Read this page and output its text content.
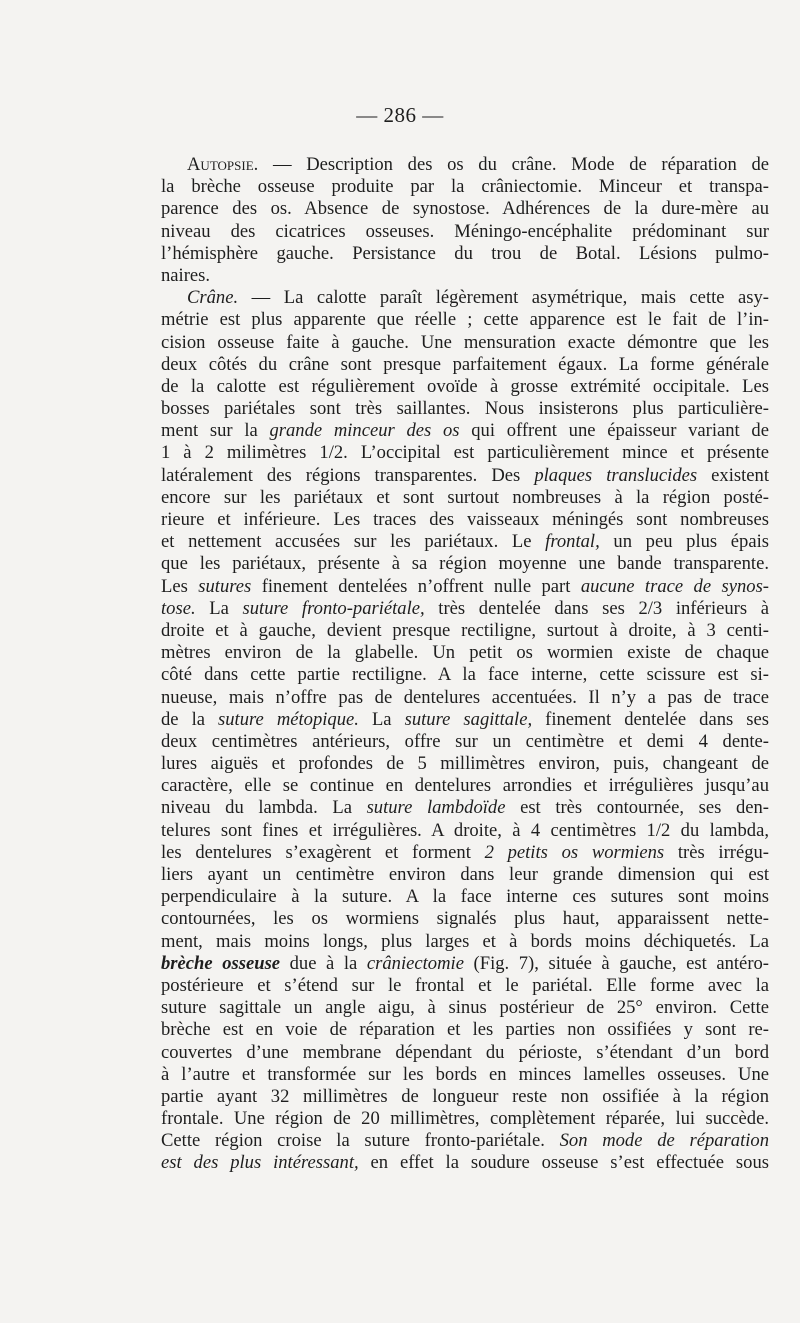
— 286 —
Autopsie. — Description des os du crâne. Mode de réparation de
la brèche osseuse produite par la crâniectomie. Minceur et transpa-
parence des os. Absence de synostose. Adhérences de la dure-mère au
niveau des cicatrices osseuses. Méningo-encéphalite prédominant sur
l’hémisphère gauche. Persistance du trou de Botal. Lésions pulmo-
naires.
Crâne. — La calotte paraît légèrement asymétrique, mais cette asy-
métrie est plus apparente que réelle ; cette apparence est le fait de l’in-
cision osseuse faite à gauche. Une mensuration exacte démontre que les
deux côtés du crâne sont presque parfaitement égaux. La forme générale
de la calotte est régulièrement ovoïde à grosse extrémité occipitale. Les
bosses pariétales sont très saillantes. Nous insisterons plus particulière-
ment sur la grande minceur des os qui offrent une épaisseur variant de
1 à 2 milimètres 1/2. L’occipital est particulièrement mince et présente
latéralement des régions transparentes. Des plaques translucides existent
encore sur les pariétaux et sont surtout nombreuses à la région posté-
rieure et inférieure. Les traces des vaisseaux méningés sont nombreuses
et nettement accusées sur les pariétaux. Le frontal, un peu plus épais
que les pariétaux, présente à sa région moyenne une bande transparente.
Les sutures finement dentelées n’offrent nulle part aucune trace de synos-
tose. La suture fronto-pariétale, très dentelée dans ses 2/3 inférieurs à
droite et à gauche, devient presque rectiligne, surtout à droite, à 3 centi-
mètres environ de la glabelle. Un petit os wormien existe de chaque
côté dans cette partie rectiligne. A la face interne, cette scissure est si-
nueuse, mais n’offre pas de dentelures accentuées. Il n’y a pas de trace
de la suture métopique. La suture sagittale, finement dentelée dans ses
deux centimètres antérieurs, offre sur un centimètre et demi 4 dente-
lures aiguës et profondes de 5 millimètres environ, puis, changeant de
caractère, elle se continue en dentelures arrondies et irrégulières jusqu’au
niveau du lambda. La suture lambdoïde est très contournée, ses den-
telures sont fines et irrégulières. A droite, à 4 centimètres 1/2 du lambda,
les dentelures s’exagèrent et forment 2 petits os wormiens très irrégu-
liers ayant un centimètre environ dans leur grande dimension qui est
perpendiculaire à la suture. A la face interne ces sutures sont moins
contournées, les os wormiens signalés plus haut, apparaissent nette-
ment, mais moins longs, plus larges et à bords moins déchiquetés. La
brèche osseuse due à la crâniectomie (Fig. 7), située à gauche, est antéro-
postérieure et s’étend sur le frontal et le pariétal. Elle forme avec la
suture sagittale un angle aigu, à sinus postérieur de 25° environ. Cette
brèche est en voie de réparation et les parties non ossifiées y sont re-
couvertes d’une membrane dépendant du périoste, s’étendant d’un bord
à l’autre et transformée sur les bords en minces lamelles osseuses. Une
partie ayant 32 millimètres de longueur reste non ossifiée à la région
frontale. Une région de 20 millimètres, complètement réparée, lui succède.
Cette région croise la suture fronto-pariétale. Son mode de réparation
est des plus intéressant, en effet la soudure osseuse s’est effectuée sous
